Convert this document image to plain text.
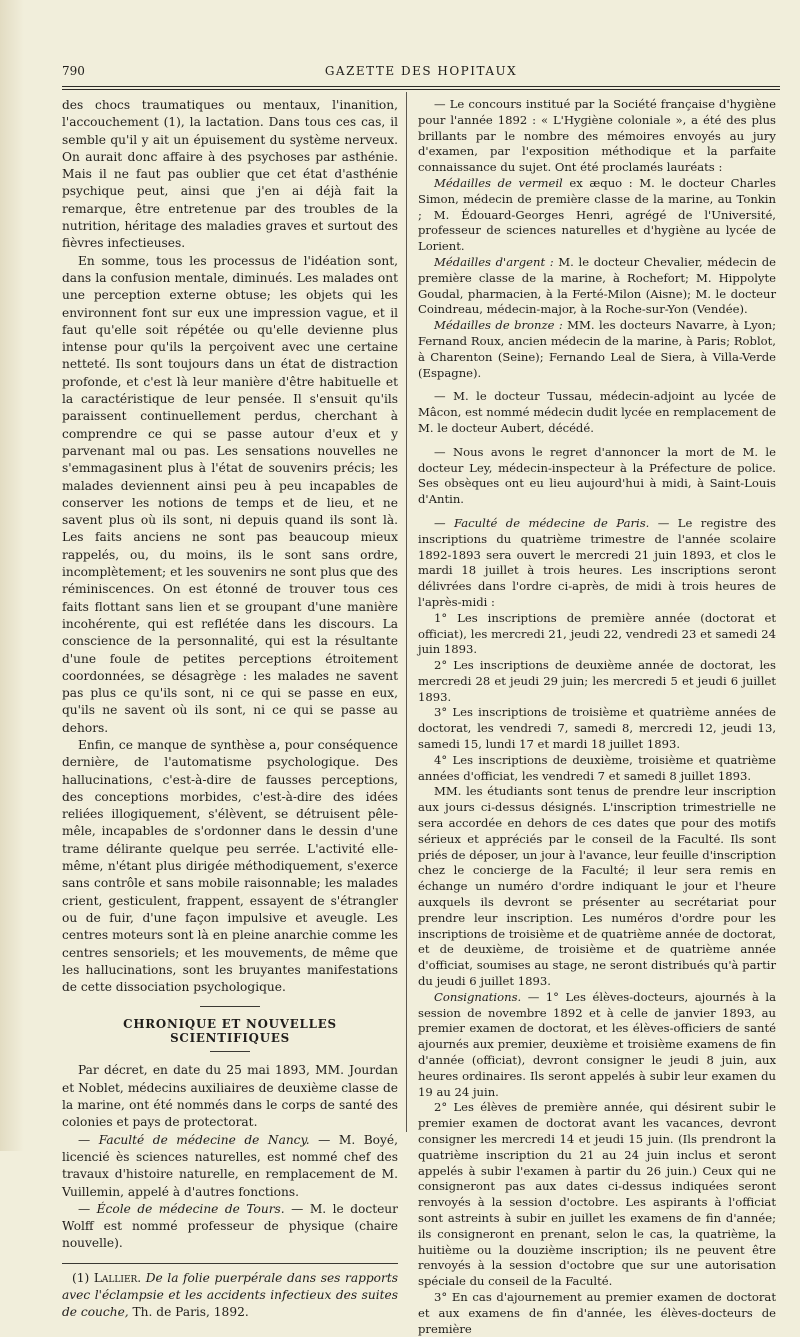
790	GAZETTE DES HOPITAUX

des chocs traumatiques ou mentaux, l'inanition, l'accouchement (1), la lactation. Dans tous ces cas, il semble qu'il y ait un épuisement du système nerveux. On aurait donc affaire à des psychoses par asthénie. Mais il ne faut pas oublier que cet état d'asthénie psychique peut, ainsi que j'en ai déjà fait la remarque, être entretenue par des troubles de la nutrition, héritage des maladies graves et surtout des fièvres infectieuses.

En somme, tous les processus de l'idéation sont, dans la confusion mentale, diminués. Les malades ont une perception externe obtuse; les objets qui les environnent font sur eux une impression vague, et il faut qu'elle soit répétée ou qu'elle devienne plus intense pour qu'ils la perçoivent avec une certaine netteté. Ils sont toujours dans un état de distraction profonde, et c'est là leur manière d'être habituelle et la caractéristique de leur pensée. Il s'ensuit qu'ils paraissent continuellement perdus, cherchant à comprendre ce qui se passe autour d'eux et y parvenant mal ou pas. Les sensations nouvelles ne s'emmagasinent plus à l'état de souvenirs précis; les malades deviennent ainsi peu à peu incapables de conserver les notions de temps et de lieu, et ne savent plus où ils sont, ni depuis quand ils sont là. Les faits anciens ne sont pas beaucoup mieux rappelés, ou, du moins, ils le sont sans ordre, incomplètement; et les souvenirs ne sont plus que des réminiscences. On est étonné de trouver tous ces faits flottant sans lien et se groupant d'une manière incohérente, qui est reflétée dans les discours. La conscience de la personnalité, qui est la résultante d'une foule de petites perceptions étroitement coordonnées, se désagrège : les malades ne savent pas plus ce qu'ils sont, ni ce qui se passe en eux, qu'ils ne savent où ils sont, ni ce qui se passe au dehors.

Enfin, ce manque de synthèse a, pour conséquence dernière, de l'automatisme psychologique. Des hallucinations, c'est-à-dire de fausses perceptions, des conceptions morbides, c'est-à-dire des idées reliées illogiquement, s'élèvent, se détruisent pêle-mêle, incapables de s'ordonner dans le dessin d'une trame délirante quelque peu serrée. L'activité elle-même, n'étant plus dirigée méthodiquement, s'exerce sans contrôle et sans mobile raisonnable; les malades crient, gesticulent, frappent, essayent de s'étrangler ou de fuir, d'une façon impulsive et aveugle. Les centres moteurs sont là en pleine anarchie comme les centres sensoriels; et les mouvements, de même que les hallucinations, sont les bruyantes manifestations de cette dissociation psychologique.

CHRONIQUE ET NOUVELLES SCIENTIFIQUES

Par décret, en date du 25 mai 1893, MM. Jourdan et Noblet, médecins auxiliaires de deuxième classe de la marine, ont été nommés dans le corps de santé des colonies et pays de protectorat.

— Faculté de médecine de Nancy. — M. Boyé, licencié ès sciences naturelles, est nommé chef des travaux d'histoire naturelle, en remplacement de M. Vuillemin, appelé à d'autres fonctions.

— École de médecine de Tours. — M. le docteur Wolff est nommé professeur de physique (chaire nouvelle).

(1) Lallier. De la folie puerpérale dans ses rapports avec l'éclampsie et les accidents infectieux des suites de couche, Th. de Paris, 1892.

— Le concours institué par la Société française d'hygiène pour l'année 1892 : « L'Hygiène coloniale », a été des plus brillants par le nombre des mémoires envoyés au jury d'examen, par l'exposition méthodique et la parfaite connaissance du sujet. Ont été proclamés lauréats :

Médailles de vermeil ex æquo : M. le docteur Charles Simon, médecin de première classe de la marine, au Tonkin ; M. Édouard-Georges Henri, agrégé de l'Université, professeur de sciences naturelles et d'hygiène au lycée de Lorient.

Médailles d'argent : M. le docteur Chevalier, médecin de première classe de la marine, à Rochefort; M. Hippolyte Goudal, pharmacien, à la Ferté-Milon (Aisne); M. le docteur Coindreau, médecin-major, à la Roche-sur-Yon (Vendée).

Médailles de bronze : MM. les docteurs Navarre, à Lyon; Fernand Roux, ancien médecin de la marine, à Paris; Roblot, à Charenton (Seine); Fernando Leal de Siera, à Villa-Verde (Espagne).

— M. le docteur Tussau, médecin-adjoint au lycée de Mâcon, est nommé médecin dudit lycée en remplacement de M. le docteur Aubert, décédé.

— Nous avons le regret d'annoncer la mort de M. le docteur Ley, médecin-inspecteur à la Préfecture de police. Ses obsèques ont eu lieu aujourd'hui à midi, à Saint-Louis d'Antin.

— Faculté de médecine de Paris. — Le registre des inscriptions du quatrième trimestre de l'année scolaire 1892-1893 sera ouvert le mercredi 21 juin 1893, et clos le mardi 18 juillet à trois heures. Les inscriptions seront délivrées dans l'ordre ci-après, de midi à trois heures de l'après-midi :

1° Les inscriptions de première année (doctorat et officiat), les mercredi 21, jeudi 22, vendredi 23 et samedi 24 juin 1893.

2° Les inscriptions de deuxième année de doctorat, les mercredi 28 et jeudi 29 juin; les mercredi 5 et jeudi 6 juillet 1893.

3° Les inscriptions de troisième et quatrième années de doctorat, les vendredi 7, samedi 8, mercredi 12, jeudi 13, samedi 15, lundi 17 et mardi 18 juillet 1893.

4° Les inscriptions de deuxième, troisième et quatrième années d'officiat, les vendredi 7 et samedi 8 juillet 1893.

MM. les étudiants sont tenus de prendre leur inscription aux jours ci-dessus désignés. L'inscription trimestrielle ne sera accordée en dehors de ces dates que pour des motifs sérieux et appréciés par le conseil de la Faculté. Ils sont priés de déposer, un jour à l'avance, leur feuille d'inscription chez le concierge de la Faculté; il leur sera remis en échange un numéro d'ordre indiquant le jour et l'heure auxquels ils devront se présenter au secrétariat pour prendre leur inscription. Les numéros d'ordre pour les inscriptions de troisième et de quatrième année de doctorat, et de deuxième, de troisième et de quatrième année d'officiat, soumises au stage, ne seront distribués qu'à partir du jeudi 6 juillet 1893.

Consignations. — 1° Les élèves-docteurs, ajournés à la session de novembre 1892 et à celle de janvier 1893, au premier examen de doctorat, et les élèves-officiers de santé ajournés aux premier, deuxième et troisième examens de fin d'année (officiat), devront consigner le jeudi 8 juin, aux heures ordinaires. Ils seront appelés à subir leur examen du 19 au 24 juin.

2° Les élèves de première année, qui désirent subir le premier examen de doctorat avant les vacances, devront consigner les mercredi 14 et jeudi 15 juin. (Ils prendront la quatrième inscription du 21 au 24 juin inclus et seront appelés à subir l'examen à partir du 26 juin.) Ceux qui ne consigneront pas aux dates ci-dessus indiquées seront renvoyés à la session d'octobre. Les aspirants à l'officiat sont astreints à subir en juillet les examens de fin d'année; ils consigneront en prenant, selon le cas, la quatrième, la huitième ou la douzième inscription; ils ne peuvent être renvoyés à la session d'octobre que sur une autorisation spéciale du conseil de la Faculté.

3° En cas d'ajournement au premier examen de doctorat et aux examens de fin d'année, les élèves-docteurs de première
